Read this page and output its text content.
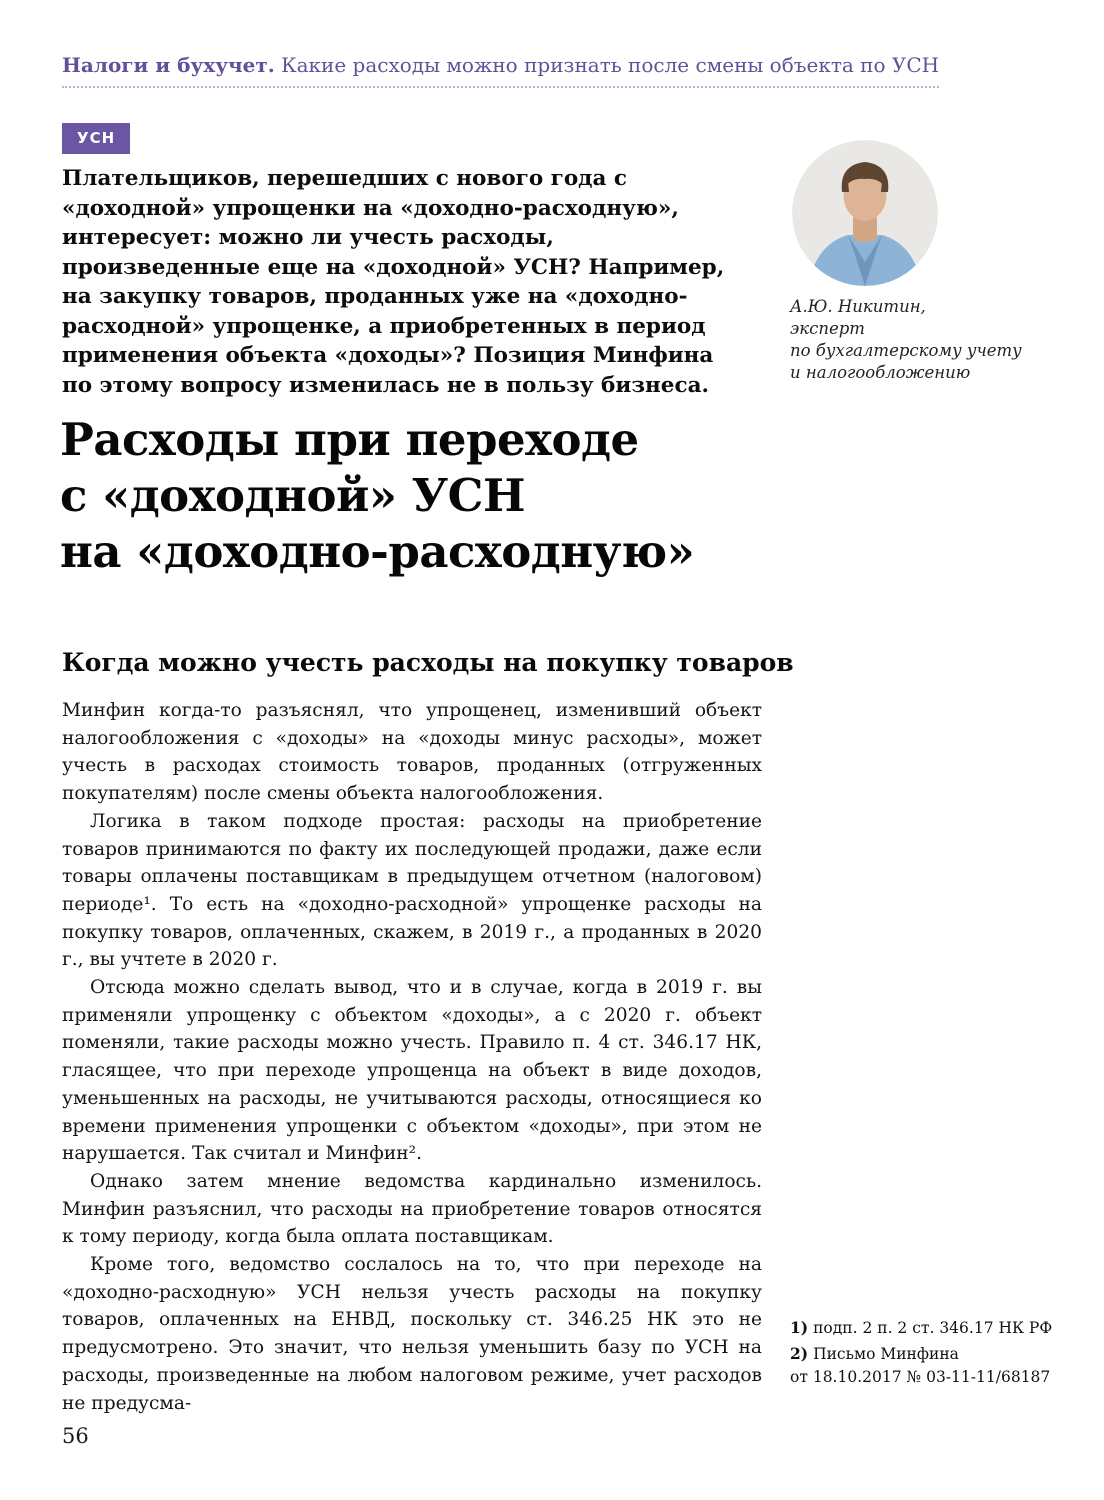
Налоги и бухучет. Какие расходы можно признать после смены объекта по УСН
УСН
Плательщиков, перешедших с нового года с «доходной» упрощенки на «доходно-расходную», интересует: можно ли учесть расходы, произведенные еще на «доходной» УСН? Например, на закупку товаров, проданных уже на «доходно-расходной» упрощенке, а приобретенных в период применения объекта «доходы»? Позиция Минфина по этому вопросу изменилась не в пользу бизнеса.
А.Ю. Никитин,
эксперт
по бухгалтерскому учету
и налогообложению
Расходы при переходе
с «доходной» УСН
на «доходно-расходную»
Когда можно учесть расходы на покупку товаров

Минфин когда-то разъяснял, что упрощенец, изменивший объект налогообложения с «доходы» на «доходы минус расходы», может учесть в расходах стоимость товаров, проданных (отгруженных покупателям) после смены объекта налогообложения.

Логика в таком подходе простая: расходы на приобретение товаров принимаются по факту их последующей продажи, даже если товары оплачены поставщикам в предыдущем отчетном (налоговом) периоде¹. То есть на «доходно-расходной» упрощенке расходы на покупку товаров, оплаченных, скажем, в 2019 г., а проданных в 2020 г., вы учтете в 2020 г.

Отсюда можно сделать вывод, что и в случае, когда в 2019 г. вы применяли упрощенку с объектом «доходы», а с 2020 г. объект поменяли, такие расходы можно учесть. Правило п. 4 ст. 346.17 НК, гласящее, что при переходе упрощенца на объект в виде доходов, уменьшенных на расходы, не учитываются расходы, относящиеся ко времени применения упрощенки с объектом «доходы», при этом не нарушается. Так считал и Минфин².

Однако затем мнение ведомства кардинально изменилось. Минфин разъяснил, что расходы на приобретение товаров относятся к тому периоду, когда была оплата поставщикам.

Кроме того, ведомство сослалось на то, что при переходе на «доходно-расходную» УСН нельзя учесть расходы на покупку товаров, оплаченных на ЕНВД, поскольку ст. 346.25 НК это не предусмотрено. Это значит, что нельзя уменьшить базу по УСН на расходы, произведенные на любом налоговом режиме, учет расходов не предусма-

1) подп. 2 п. 2 ст. 346.17 НК РФ
2) Письмо Минфина
от 18.10.2017 № 03-11-11/68187
56
